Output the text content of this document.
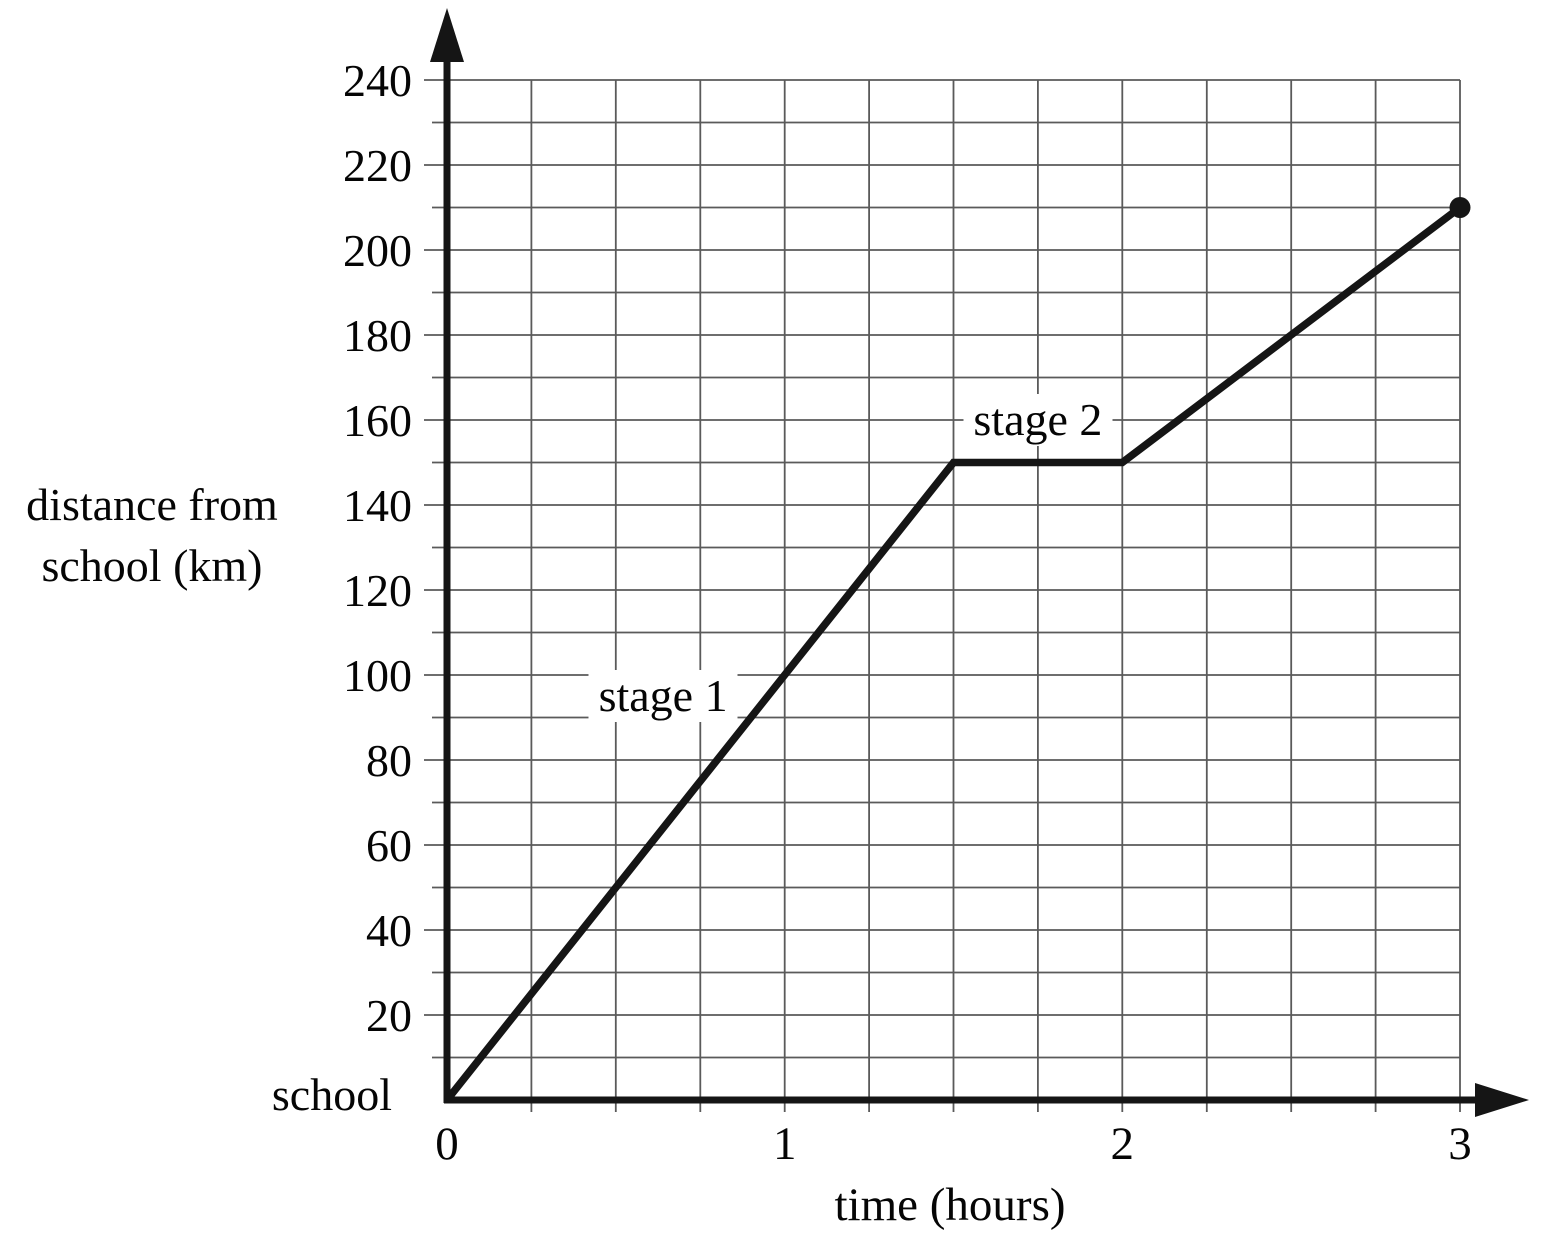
20
40
60
80
100
120
140
160
180
200
220
240
0	1	2	3
distance from
school (km)
school
time (hours)
stage 1
stage 2
